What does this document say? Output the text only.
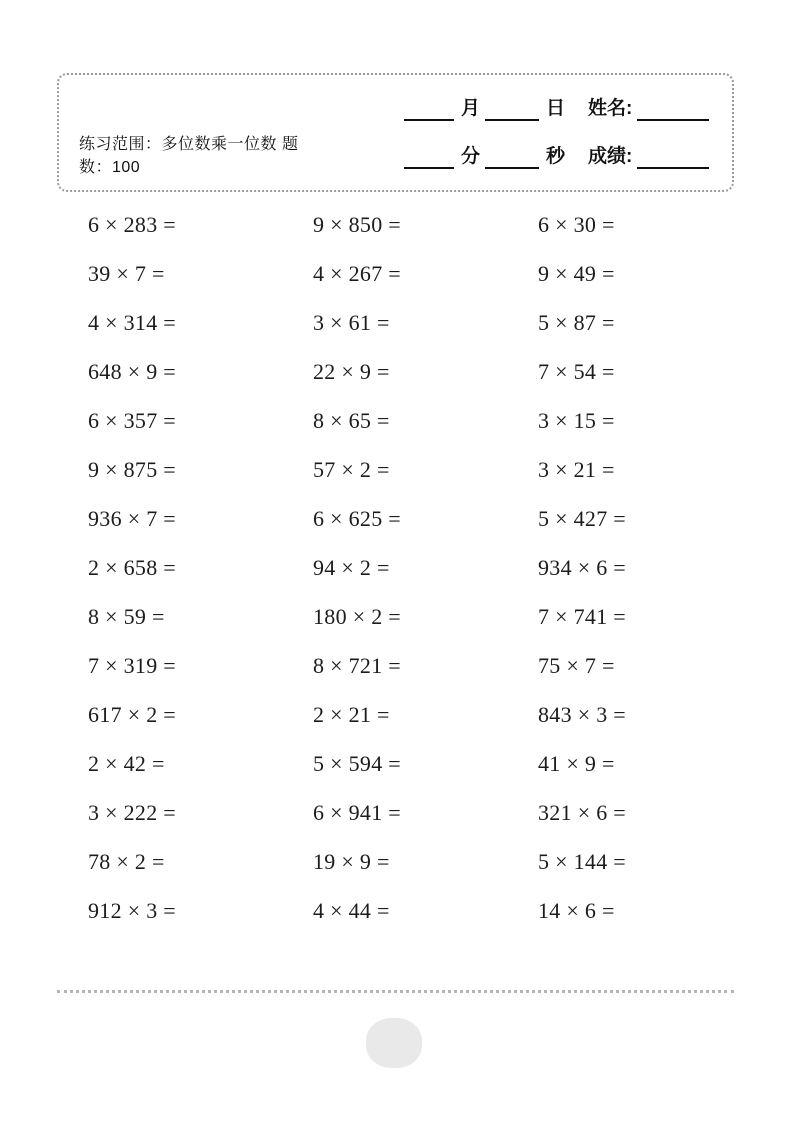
练习范围：多位数乘一位数 题
数：100
月	日 姓名:
分	秒 成绩:
6 × 283 =	9 × 850 =	6 × 30 =
39 × 7 =	4 × 267 =	9 × 49 =
4 × 314 =	3 × 61 =	5 × 87 =
648 × 9 =	22 × 9 =	7 × 54 =
6 × 357 =	8 × 65 =	3 × 15 =
9 × 875 =	57 × 2 =	3 × 21 =
936 × 7 =	6 × 625 =	5 × 427 =
2 × 658 =	94 × 2 =	934 × 6 =
8 × 59 =	180 × 2 =	7 × 741 =
7 × 319 =	8 × 721 =	75 × 7 =
617 × 2 =	2 × 21 =	843 × 3 =
2 × 42 =	5 × 594 =	41 × 9 =
3 × 222 =	6 × 941 =	321 × 6 =
78 × 2 =	19 × 9 =	5 × 144 =
912 × 3 =	4 × 44 =	14 × 6 =
